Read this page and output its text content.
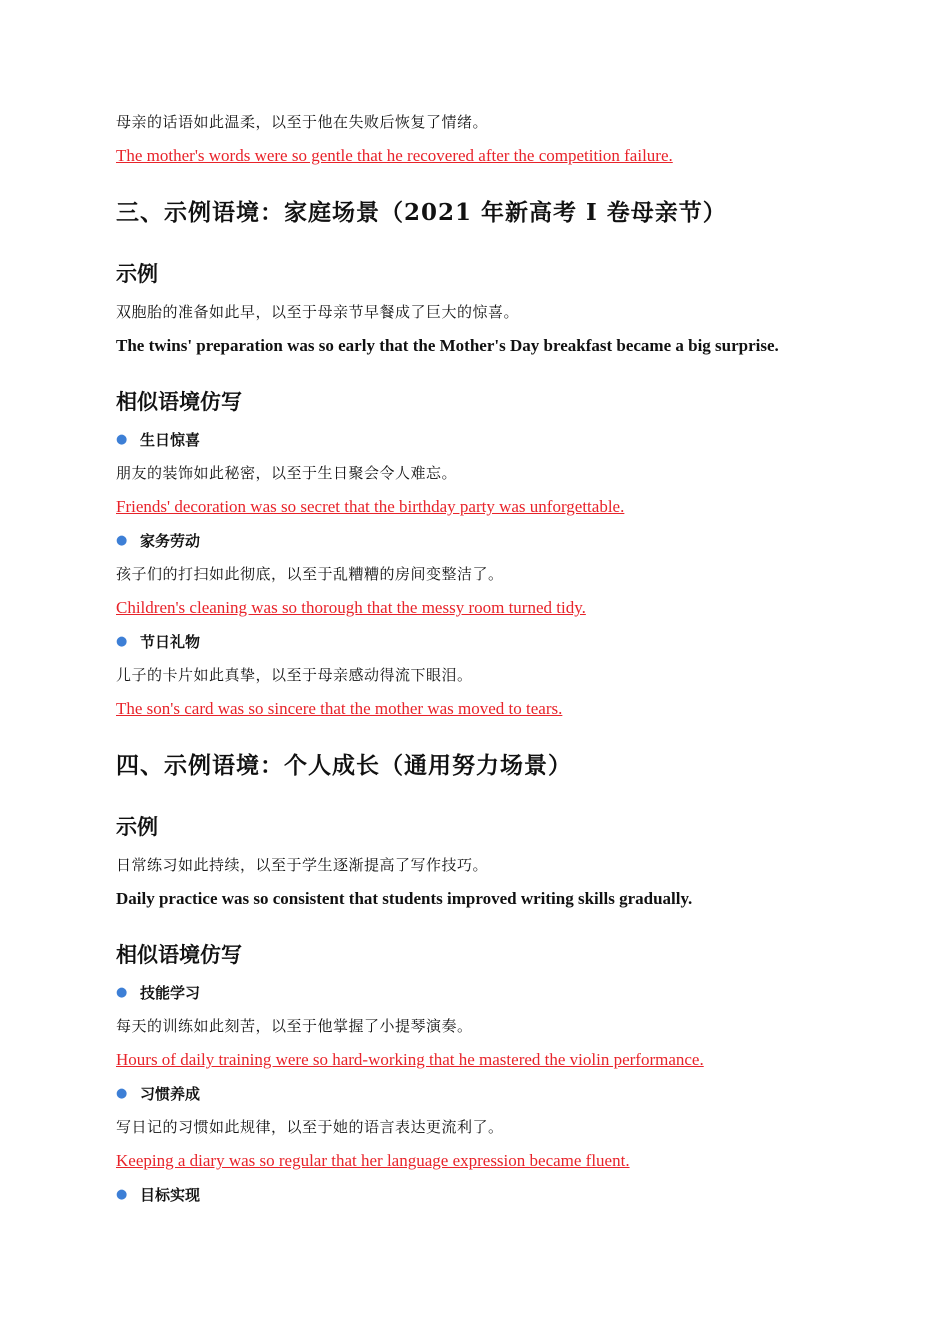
母亲的话语如此温柔，以至于他在失败后恢复了情绪。

The mother's words were so gentle that he recovered after the competition failure.

三、示例语境：家庭场景（2021 年新高考 Ⅰ 卷母亲节）
示例

双胞胎的准备如此早，以至于母亲节早餐成了巨大的惊喜。

The twins' preparation was so early that the Mother's Day breakfast became a big surprise.

相似语境仿写
● 生日惊喜

朋友的装饰如此秘密，以至于生日聚会令人难忘。

Friends' decoration was so secret that the birthday party was unforgettable.

● 家务劳动

孩子们的打扫如此彻底，以至于乱糟糟的房间变整洁了。

Children's cleaning was so thorough that the messy room turned tidy.

● 节日礼物

儿子的卡片如此真挚，以至于母亲感动得流下眼泪。

The son's card was so sincere that the mother was moved to tears.

四、示例语境：个人成长（通用努力场景）
示例

日常练习如此持续，以至于学生逐渐提高了写作技巧。

Daily practice was so consistent that students improved writing skills gradually.

相似语境仿写
● 技能学习

每天的训练如此刻苦，以至于他掌握了小提琴演奏。

Hours of daily training were so hard-working that he mastered the violin performance.

● 习惯养成

写日记的习惯如此规律，以至于她的语言表达更流利了。

Keeping a diary was so regular that her language expression became fluent.

● 目标实现
